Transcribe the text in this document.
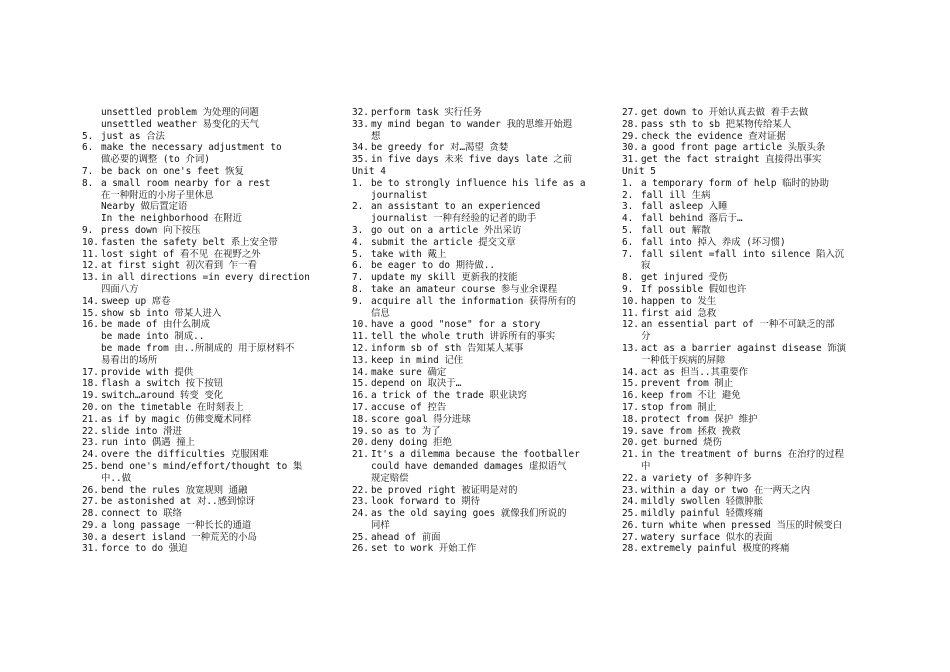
unsettled problem 为处理的问题
unsettled weather 易变化的天气
5. just as 合法
6. make the necessary adjustment to
做必要的调整 (to 介词)
7. be back on one's feet 恢复
8. a small room nearby for a rest
在一种附近的小房子里休息
Nearby 做后置定语
In the neighborhood 在附近
9. press down 向下按压
10. fasten the safety belt 系上安全带
11. lost sight of 看不见 在视野之外
12. at first sight 初次看到 乍一看
13. in all directions =in every direction
四面八方
14. sweep up 席卷
15. show sb into 带某人进入
16. be made of 由什么制成
be made into 制成..
be made from 由..所制成的 用于原材料不
易看出的场所
17. provide with 提供
18. flash a switch 按下按钮
19. switch…around 转变 变化
20. on the timetable 在时刻表上
21. as if by magic 仿佛变魔术同样
22. slide into 滑进
23. run into 偶遇 撞上
24. overe the difficulties 克服困难
25. bend one's mind/effort/thought to 集
中..做
26. bend the rules 放宽规则 通融
27. be astonished at 对..感到惊讶
28. connect to 联络
29. a long passage 一种长长的通道
30. a desert island 一种荒芜的小岛
31. force to do 强迫
32. perform task 实行任务
33. my mind began to wander 我的思维开始遐
想
34. be greedy for 对…渴望 贪婪
35. in five days 未来 five days late 之前
Unit 4
1. be to strongly influence his life as a
journalist
2. an assistant to an experienced
journalist 一种有经验的记者的助手
3. go out on a article 外出采访
4. submit the article 提交文章
5. take with 戴上
6. be eager to do 期待做..
7. update my skill 更新我的技能
8. take an amateur course 参与业余课程
9. acquire all the information 获得所有的
信息
10. have a good "nose" for a story
11. tell the whole truth 讲诉所有的事实
12. inform sb of sth 告知某人某事
13. keep in mind 记住
14. make sure 确定
15. depend on 取决于…
16. a trick of the trade 职业诀窍
17. accuse of 控告
18. score goal 得分进球
19. so as to 为了
20. deny doing 拒绝
21. It's a dilemma because the footballer
could have demanded damages 虚拟语气
规定赔偿
22. be proved right 被证明是对的
23. look forward to 期待
24. as the old saying goes 就像我们所说的
同样
25. ahead of 前面
26. set to work 开始工作
27. get down to 开始认真去做 着手去做
28. pass sth to sb 把某物传给某人
29. check the evidence 查对证据
30. a good front page article 头版头条
31. get the fact straight 直接得出事实
Unit 5
1. a temporary form of help 临时的协助
2. fall ill 生病
3. fall asleep 入睡
4. fall behind 落后于…
5. fall out 解散
6. fall into 掉入 养成 (坏习惯)
7. fall silent =fall into silence 陷入沉
寂
8. get injured 受伤
9. If possible 假如也许
10. happen to 发生
11. first aid 急救
12. an essential part of 一种不可缺乏的部
分
13. act as a barrier against disease 饰演
一种低于疾病的屏障
14. act as 担当..其重要作
15. prevent from 制止
16. keep from 不让 避免
17. stop from 制止
18. protect from 保护 维护
19. save from 拯救 挽救
20. get burned 烧伤
21. in the treatment of burns 在治疗的过程
中
22. a variety of 多种许多
23. within a day or two 在一两天之内
24. mildly swollen 轻微肿胀
25. mildly painful 轻微疼痛
26. turn white when pressed 当压的时候变白
27. watery surface 似水的表面
28. extremely painful 极度的疼痛
